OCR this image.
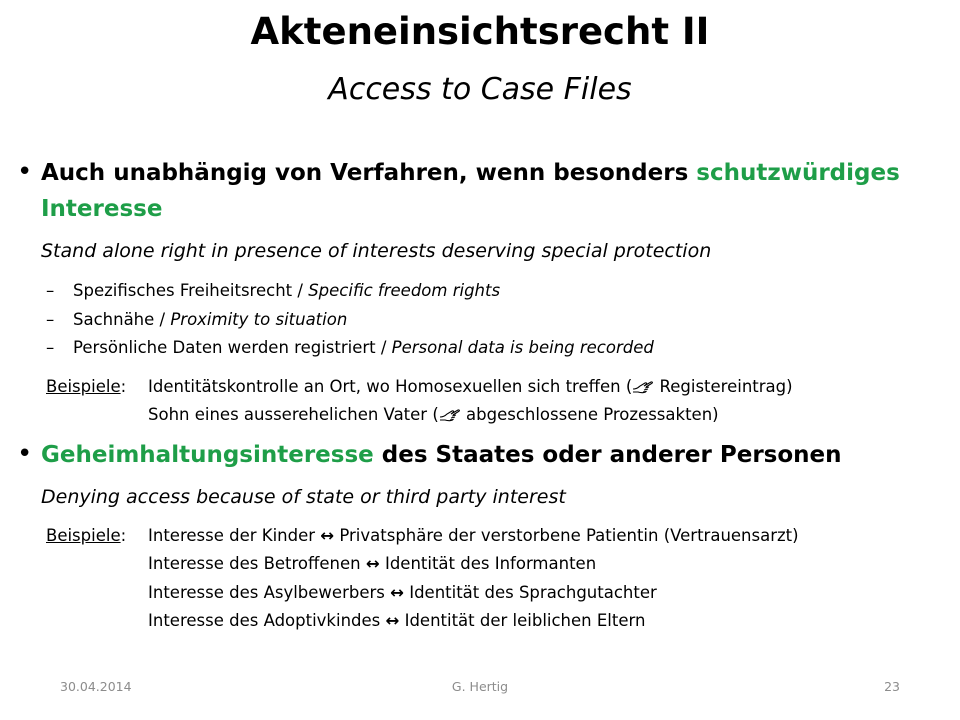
Akteneinsichtsrecht II
Access to Case Files
• Auch unabhängig von Verfahren, wenn besonders schutzwürdiges
Interesse
Stand alone right in presence of interests deserving special protection
– Spezifisches Freiheitsrecht / Specific freedom rights
– Sachnähe / Proximity to situation
– Persönliche Daten werden registriert / Personal data is being recorded
Beispiele: Identitätskontrolle an Ort, wo Homosexuellen sich treffen ( Registereintrag)
Sohn eines ausserehelichen Vater ( abgeschlossene Prozessakten)
• Geheimhaltungsinteresse des Staates oder anderer Personen
Denying access because of state or third party interest
Beispiele: Interesse der Kinder ↔ Privatsphäre der verstorbene Patientin (Vertrauensarzt)
Interesse des Betroffenen ↔ Identität des Informanten
Interesse des Asylbewerbers ↔ Identität des Sprachgutachter
Interesse des Adoptivkindes ↔ Identität der leiblichen Eltern
30.04.2014	G. Hertig	23
